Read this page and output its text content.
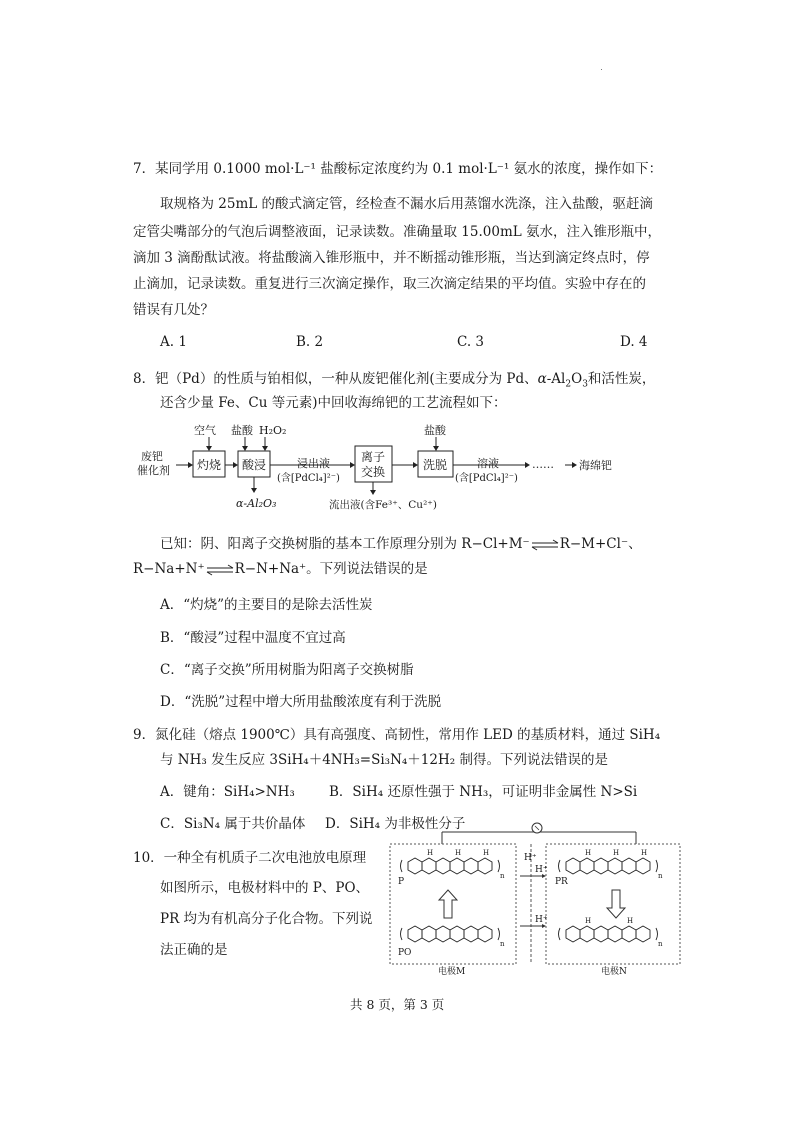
7．某同学用 0.1000 mol·L⁻¹ 盐酸标定浓度约为 0.1 mol·L⁻¹ 氨水的浓度，操作如下：
取规格为 25mL 的酸式滴定管，经检查不漏水后用蒸馏水洗涤，注入盐酸，驱赶滴
定管尖嘴部分的气泡后调整液面，记录读数。准确量取 15.00mL 氨水，注入锥形瓶中，
滴加 3 滴酚酞试液。将盐酸滴入锥形瓶中，并不断摇动锥形瓶，当达到滴定终点时，停
止滴加，记录读数。重复进行三次滴定操作，取三次滴定结果的平均值。实验中存在的
错误有几处？
A. 1	B. 2	C. 3	D. 4
8．钯（Pd）的性质与铂相似，一种从废钯催化剂(主要成分为 Pd、$\alpha-Al_2O_3$和活性炭，
还含少量 Fe、Cu 等元素)中回收海绵钯的工艺流程如下：
废钯
催化剂 灼烧
空气
酸浸
盐酸 H₂O₂
α-Al₂O₃
浸出液
(含[PdCl₄]²⁻)
离子
交换
流出液(含Fe³⁺、Cu²⁺)
洗脱
盐酸
溶液
(含[PdCl₄]²⁻)
…… 海绵钯
已知：阴、阳离子交换树脂的基本工作原理分别为 R−Cl+M⁻⇌R−M+Cl⁻、
R−Na+N⁺⇌R−N+Na⁺。下列说法错误的是
A．“灼烧”的主要目的是除去活性炭
B．“酸浸”过程中温度不宜过高
C．“离子交换”所用树脂为阳离子交换树脂
D．“洗脱”过程中增大所用盐酸浓度有利于洗脱
9．氮化硅（熔点 1900℃）具有高强度、高韧性，常用作 LED 的基质材料，通过 SiH₄
与 NH₃ 发生反应 3SiH₄＋4NH₃=Si₃N₄＋12H₂ 制得。下列说法错误的是
A．键角：SiH₄>NH₃	B．SiH₄ 还原性强于 NH₃，可证明非金属性 N>Si
C．Si₃N₄ 属于共价晶体 D．SiH₄ 为非极性分子
10．一种全有机质子二次电池放电原理
如图所示，电极材料中的 P、PO、
PR 均为有机高分子化合物。下列说
法正确的是
H⁺
H⁺
H⁺
H	H	H
P
n
PO
n
电极M
H	H	H
PR
n
H	H
n
电极N
共 8 页，第 3 页
